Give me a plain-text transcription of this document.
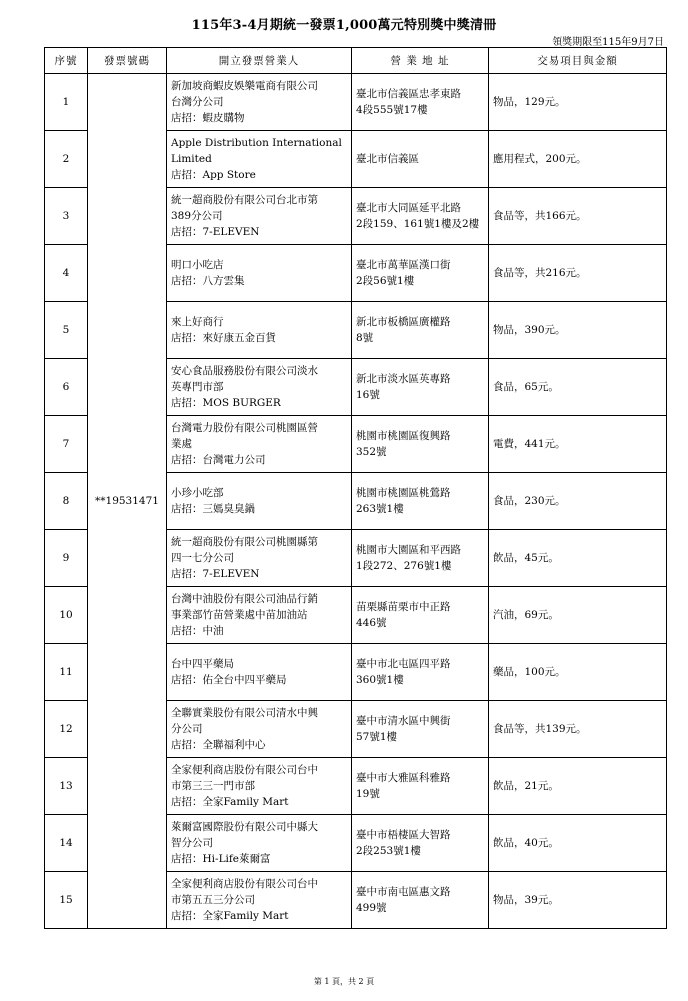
115年3-4月期統一發票1,000萬元特別獎中獎清冊
領獎期限至115年9月7日
序號	發票號碼	開立發票營業人	營 業 地 址	交易項目與金額
1	**19531471	新加坡商蝦皮娛樂電商有限公司
台灣分公司
店招：蝦皮購物	臺北市信義區忠孝東路
4段555號17樓	物品，129元。
2		Apple Distribution International
Limited
店招：App Store	臺北市信義區	應用程式，200元。
3		統一超商股份有限公司台北市第
389分公司
店招：7-ELEVEN	臺北市大同區延平北路
2段159、161號1樓及2樓	食品等，共166元。
4		明口小吃店
店招：八方雲集	臺北市萬華區漢口街
2段56號1樓	食品等，共216元。
5		來上好商行
店招：來好康五金百貨	新北市板橋區廣權路
8號	物品，390元。
6		安心食品服務股份有限公司淡水
英專門市部
店招：MOS BURGER	新北市淡水區英專路
16號	食品，65元。
7		台灣電力股份有限公司桃園區營
業處
店招：台灣電力公司	桃園市桃園區復興路
352號	電費，441元。
8		小珍小吃部
店招：三媽臭臭鍋	桃園市桃園區桃鶯路
263號1樓	食品，230元。
9		統一超商股份有限公司桃園縣第
四一七分公司
店招：7-ELEVEN	桃園市大園區和平西路
1段272、276號1樓	飲品，45元。
10		台灣中油股份有限公司油品行銷
事業部竹苗營業處中苗加油站
店招：中油	苗栗縣苗栗市中正路
446號	汽油，69元。
11		台中四平藥局
店招：佑全台中四平藥局	臺中市北屯區四平路
360號1樓	藥品，100元。
12		全聯實業股份有限公司清水中興
分公司
店招：全聯福利中心	臺中市清水區中興街
57號1樓	食品等，共139元。
13		全家便利商店股份有限公司台中
市第三三一門市部
店招：全家Family Mart	臺中市大雅區科雅路
19號	飲品，21元。
14		萊爾富國際股份有限公司中縣大
智分公司
店招：Hi-Life萊爾富	臺中市梧棲區大智路
2段253號1樓	飲品，40元。
15		全家便利商店股份有限公司台中
市第五五三分公司
店招：全家Family Mart	臺中市南屯區惠文路
499號	物品，39元。
第 1 頁，共 2 頁
